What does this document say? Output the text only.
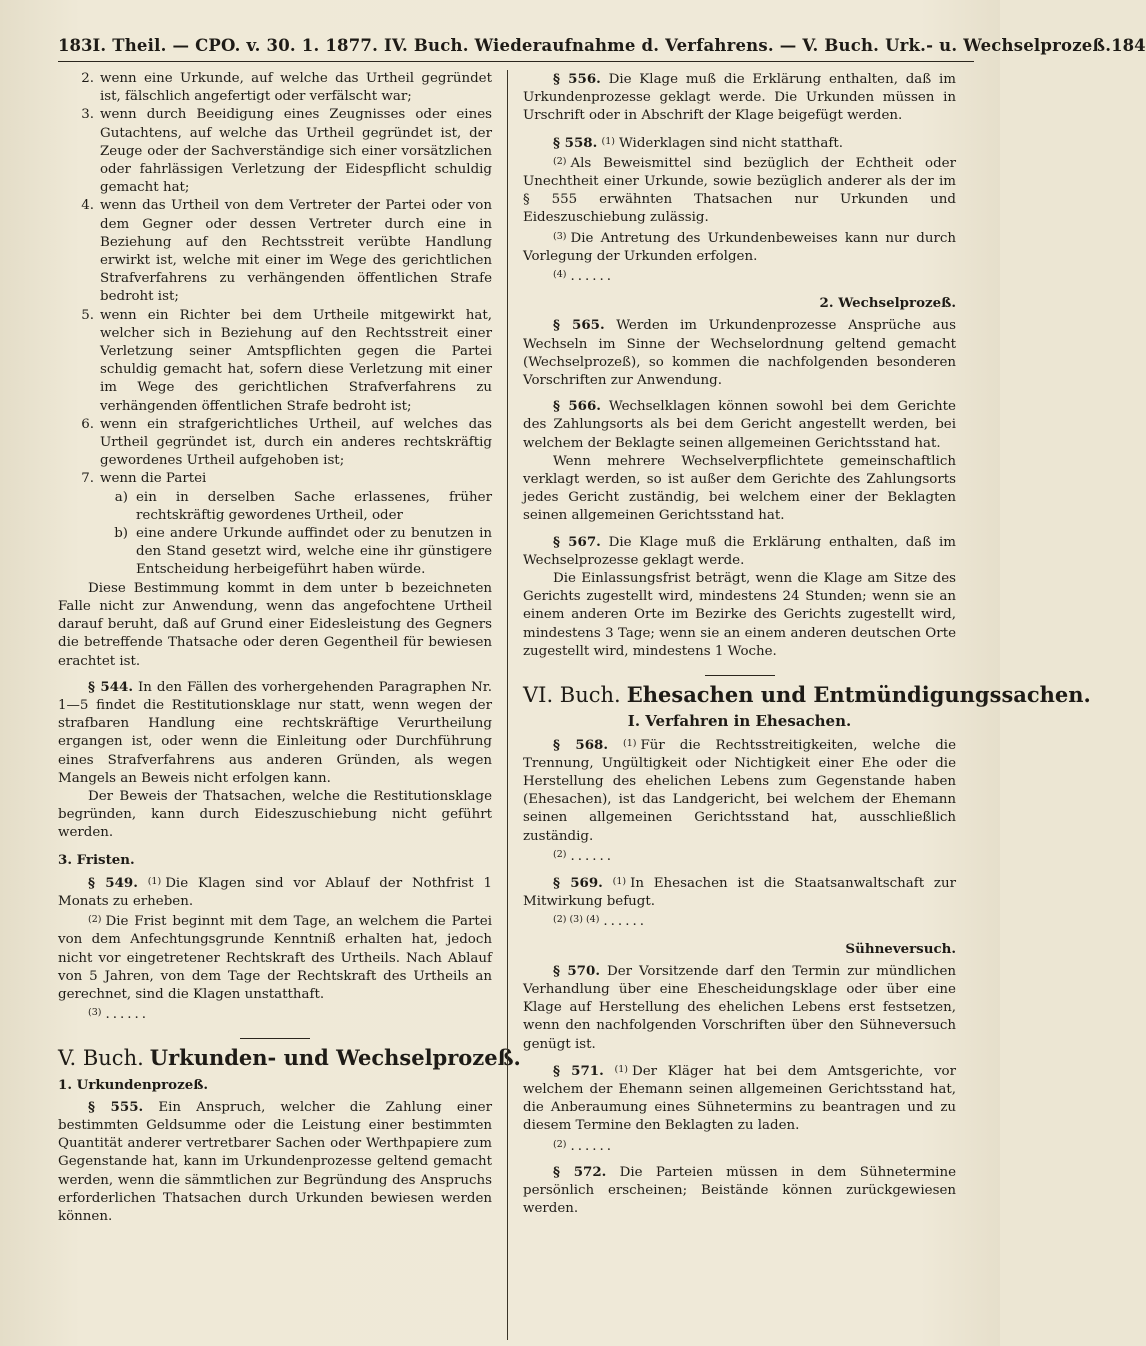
183 I. Theil. — CPO. v. 30. 1. 1877. IV. Buch. Wiederaufnahme d. Verfahrens. — V. Buch. Urk.- u. Wechselprozeß. 184
2. wenn eine Urkunde, auf welche das Urtheil gegründet ist, fälschlich angefertigt oder verfälscht war;
3. wenn durch Beeidigung eines Zeugnisses oder eines Gutachtens, auf welche das Urtheil gegründet ist, der Zeuge oder der Sachverständige sich einer vorsätzlichen oder fahrlässigen Verletzung der Eidespflicht schuldig gemacht hat;
4. wenn das Urtheil von dem Vertreter der Partei oder von dem Gegner oder dessen Vertreter durch eine in Beziehung auf den Rechtsstreit verübte Handlung erwirkt ist, welche mit einer im Wege des gerichtlichen Strafverfahrens zu verhängenden öffentlichen Strafe bedroht ist;
5. wenn ein Richter bei dem Urtheile mitgewirkt hat, welcher sich in Beziehung auf den Rechtsstreit einer Verletzung seiner Amtspflichten gegen die Partei schuldig gemacht hat, sofern diese Verletzung mit einer im Wege des gerichtlichen Strafverfahrens zu verhängenden öffentlichen Strafe bedroht ist;
6. wenn ein strafgerichtliches Urtheil, auf welches das Urtheil gegründet ist, durch ein anderes rechtskräftig gewordenes Urtheil aufgehoben ist;
7. wenn die Partei
a) ein in derselben Sache erlassenes, früher rechtskräftig gewordenes Urtheil, oder
b) eine andere Urkunde auffindet oder zu benutzen in den Stand gesetzt wird, welche eine ihr günstigere Entscheidung herbeigeführt haben würde.

Diese Bestimmung kommt in dem unter b bezeichneten Falle nicht zur Anwendung, wenn das angefochtene Urtheil darauf beruht, daß auf Grund einer Eidesleistung des Gegners die betreffende Thatsache oder deren Gegentheil für bewiesen erachtet ist.

§ 544. In den Fällen des vorhergehenden Paragraphen Nr. 1—5 findet die Restitutionsklage nur statt, wenn wegen der strafbaren Handlung eine rechtskräftige Verurtheilung ergangen ist, oder wenn die Einleitung oder Durchführung eines Strafverfahrens aus anderen Gründen, als wegen Mangels an Beweis nicht erfolgen kann.

Der Beweis der Thatsachen, welche die Restitutionsklage begründen, kann durch Eideszuschiebung nicht geführt werden.

3. Fristen.

§ 549. $^{(1)}$ Die Klagen sind vor Ablauf der Nothfrist 1 Monats zu erheben.

$^{(2)}$ Die Frist beginnt mit dem Tage, an welchem die Partei von dem Anfechtungsgrunde Kenntniß erhalten hat, jedoch nicht vor eingetretener Rechtskraft des Urtheils. Nach Ablauf von 5 Jahren, von dem Tage der Rechtskraft des Urtheils an gerechnet, sind die Klagen unstatthaft.

$^{(3)}$ ......

V. Buch. Urkunden- und Wechselprozeß.
1. Urkundenprozeß.

§ 555. Ein Anspruch, welcher die Zahlung einer bestimmten Geldsumme oder die Leistung einer bestimmten Quantität anderer vertretbarer Sachen oder Werthpapiere zum Gegenstande hat, kann im Urkundenprozesse geltend gemacht werden, wenn die sämmtlichen zur Begründung des Anspruchs erforderlichen Thatsachen durch Urkunden bewiesen werden können.

§ 556. Die Klage muß die Erklärung enthalten, daß im Urkundenprozesse geklagt werde. Die Urkunden müssen in Urschrift oder in Abschrift der Klage beigefügt werden.

§ 558. $^{(1)}$ Widerklagen sind nicht statthaft.

$^{(2)}$ Als Beweismittel sind bezüglich der Echtheit oder Unechtheit einer Urkunde, sowie bezüglich anderer als der im § 555 erwähnten Thatsachen nur Urkunden und Eideszuschiebung zulässig.

$^{(3)}$ Die Antretung des Urkundenbeweises kann nur durch Vorlegung der Urkunden erfolgen.

$^{(4)}$ ......

2. Wechselprozeß.

§ 565. Werden im Urkundenprozesse Ansprüche aus Wechseln im Sinne der Wechselordnung geltend gemacht (Wechselprozeß), so kommen die nachfolgenden besonderen Vorschriften zur Anwendung.

§ 566. Wechselklagen können sowohl bei dem Gerichte des Zahlungsorts als bei dem Gericht angestellt werden, bei welchem der Beklagte seinen allgemeinen Gerichtsstand hat.

Wenn mehrere Wechselverpflichtete gemeinschaftlich verklagt werden, so ist außer dem Gerichte des Zahlungsorts jedes Gericht zuständig, bei welchem einer der Beklagten seinen allgemeinen Gerichtsstand hat.

§ 567. Die Klage muß die Erklärung enthalten, daß im Wechselprozesse geklagt werde.

Die Einlassungsfrist beträgt, wenn die Klage am Sitze des Gerichts zugestellt wird, mindestens 24 Stunden; wenn sie an einem anderen Orte im Bezirke des Gerichts zugestellt wird, mindestens 3 Tage; wenn sie an einem anderen deutschen Orte zugestellt wird, mindestens 1 Woche.

VI. Buch. Ehesachen und Entmündigungssachen.
I. Verfahren in Ehesachen.

§ 568. $^{(1)}$ Für die Rechtsstreitigkeiten, welche die Trennung, Ungültigkeit oder Nichtigkeit einer Ehe oder die Herstellung des ehelichen Lebens zum Gegenstande haben (Ehesachen), ist das Landgericht, bei welchem der Ehemann seinen allgemeinen Gerichtsstand hat, ausschließlich zuständig.

$^{(2)}$ ......

§ 569. $^{(1)}$ In Ehesachen ist die Staatsanwaltschaft zur Mitwirkung befugt.

$^{(2) (3) (4)}$ ......

Sühneversuch.

§ 570. Der Vorsitzende darf den Termin zur mündlichen Verhandlung über eine Ehescheidungsklage oder über eine Klage auf Herstellung des ehelichen Lebens erst festsetzen, wenn den nachfolgenden Vorschriften über den Sühneversuch genügt ist.

§ 571. $^{(1)}$ Der Kläger hat bei dem Amtsgerichte, vor welchem der Ehemann seinen allgemeinen Gerichtsstand hat, die Anberaumung eines Sühnetermins zu beantragen und zu diesem Termine den Beklagten zu laden.

$^{(2)}$ ......

§ 572. Die Parteien müssen in dem Sühnetermine persönlich erscheinen; Beistände können zurückgewiesen werden.
